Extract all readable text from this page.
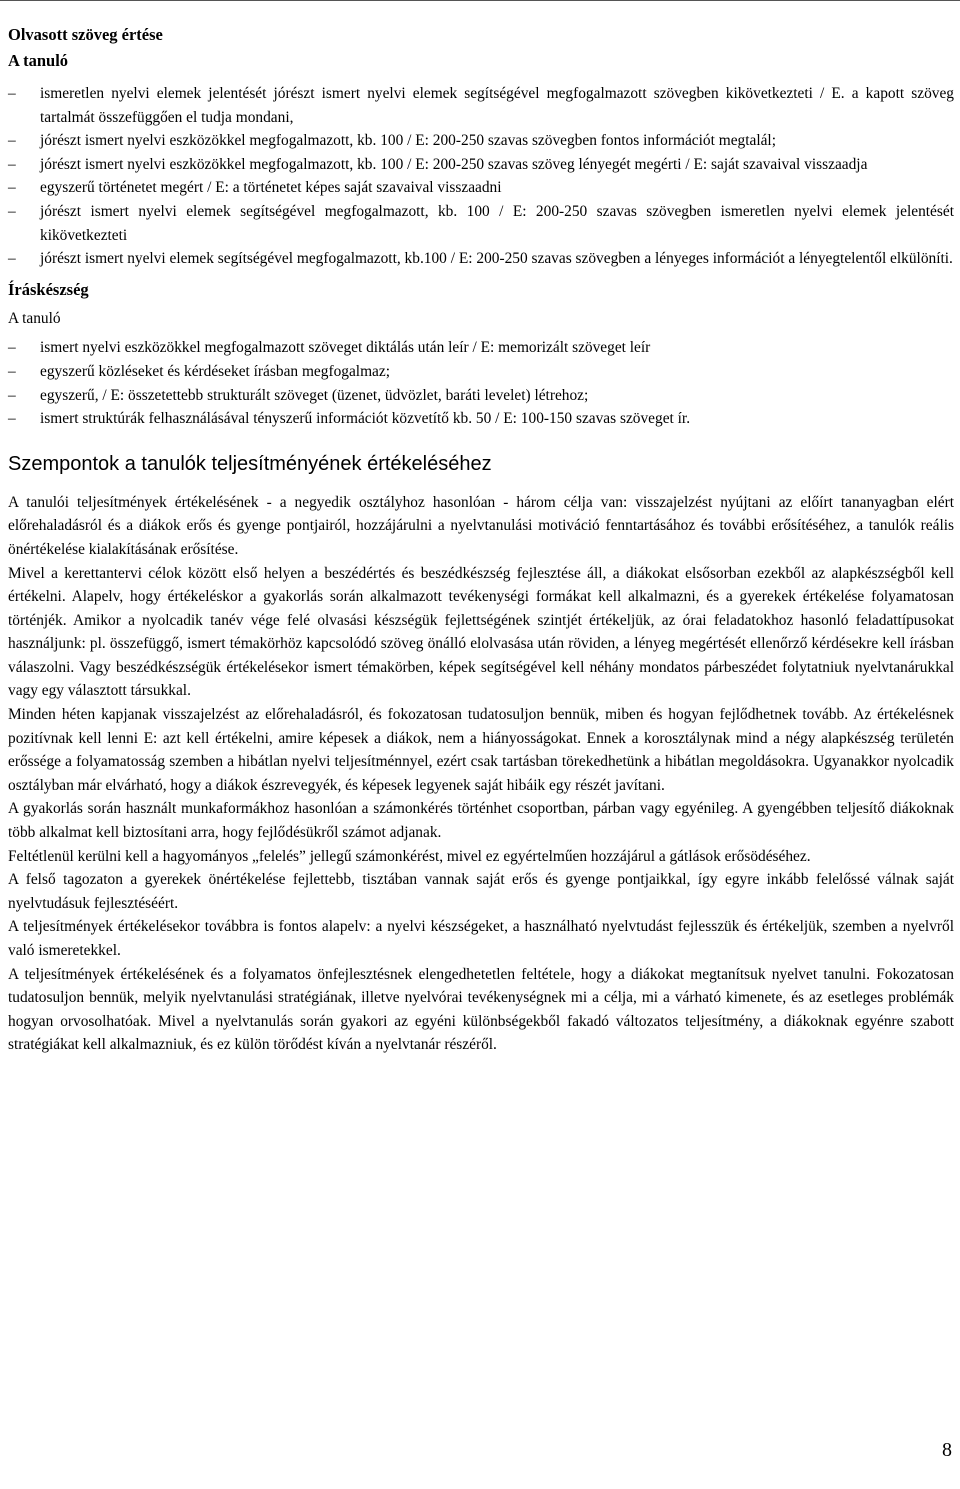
Olvasott szöveg értése

A tanuló

– ismeretlen nyelvi elemek jelentését jórészt ismert nyelvi elemek segítségével megfogalmazott szövegben kikövetkezteti / E. a kapott szöveg tartalmát összefüggően el tudja mondani,
– jórészt ismert nyelvi eszközökkel megfogalmazott, kb. 100 / E: 200-250 szavas szövegben fontos információt megtalál;
– jórészt ismert nyelvi eszközökkel megfogalmazott, kb. 100 / E: 200-250 szavas szöveg lényegét megérti / E: saját szavaival visszaadja
– egyszerű történetet megért / E: a történetet képes saját szavaival visszaadni
– jórészt ismert nyelvi elemek segítségével megfogalmazott, kb. 100 / E: 200-250 szavas szövegben ismeretlen nyelvi elemek jelentését kikövetkezteti
– jórészt ismert nyelvi elemek segítségével megfogalmazott, kb.100 / E: 200-250 szavas szövegben a lényeges információt a lényegtelentől elkülöníti.

Íráskészség

A tanuló

– ismert nyelvi eszközökkel megfogalmazott szöveget diktálás után leír / E: memorizált szöveget leír
– egyszerű közléseket és kérdéseket írásban megfogalmaz;
– egyszerű, / E: összetettebb strukturált szöveget (üzenet, üdvözlet, baráti levelet) létrehoz;
– ismert struktúrák felhasználásával tényszerű információt közvetítő kb. 50 / E: 100-150 szavas szöveget ír.
Szempontok a tanulók teljesítményének értékeléséhez

A tanulói teljesítmények értékelésének - a negyedik osztályhoz hasonlóan - három célja van: visszajelzést nyújtani az előírt tananyagban elért előrehaladásról és a diákok erős és gyenge pontjairól, hozzájárulni a nyelvtanulási motiváció fenntartásához és további erősítéséhez, a tanulók reális önértékelése kialakításának erősítése.

Mivel a kerettantervi célok között első helyen a beszédértés és beszédkészség fejlesztése áll, a diákokat elsősorban ezekből az alapkészségből kell értékelni. Alapelv, hogy értékeléskor a gyakorlás során alkalmazott tevékenységi formákat kell alkalmazni, és a gyerekek értékelése folyamatosan történjék. Amikor a nyolcadik tanév vége felé olvasási készségük fejlettségének szintjét értékeljük, az órai feladatokhoz hasonló feladattípusokat használjunk: pl. összefüggő, ismert témakörhöz kapcsolódó szöveg önálló elolvasása után röviden, a lényeg megértését ellenőrző kérdésekre kell írásban válaszolni. Vagy beszédkészségük értékelésekor ismert témakörben, képek segítségével kell néhány mondatos párbeszédet folytatniuk nyelvtanárukkal vagy egy választott társukkal.

Minden héten kapjanak visszajelzést az előrehaladásról, és fokozatosan tudatosuljon bennük, miben és hogyan fejlődhetnek tovább. Az értékelésnek pozitívnak kell lenni E: azt kell értékelni, amire képesek a diákok, nem a hiányosságokat. Ennek a korosztálynak mind a négy alapkészség területén erőssége a folyamatosság szemben a hibátlan nyelvi teljesítménnyel, ezért csak tartásban törekedhetünk a hibátlan megoldásokra. Ugyanakkor nyolcadik osztályban már elvárható, hogy a diákok észrevegyék, és képesek legyenek saját hibáik egy részét javítani.

A gyakorlás során használt munkaformákhoz hasonlóan a számonkérés történhet csoportban, párban vagy egyénileg. A gyengébben teljesítő diákoknak több alkalmat kell biztosítani arra, hogy fejlődésükről számot adjanak.

Feltétlenül kerülni kell a hagyományos „felelés” jellegű számonkérést, mivel ez egyértelműen hozzájárul a gátlások erősödéséhez.

A felső tagozaton a gyerekek önértékelése fejlettebb, tisztában vannak saját erős és gyenge pontjaikkal, így egyre inkább felelőssé válnak saját nyelvtudásuk fejlesztéséért.

A teljesítmények értékelésekor továbbra is fontos alapelv: a nyelvi készségeket, a használható nyelvtudást fejlesszük és értékeljük, szemben a nyelvről való ismeretekkel.

A teljesítmények értékelésének és a folyamatos önfejlesztésnek elengedhetetlen feltétele, hogy a diákokat megtanítsuk nyelvet tanulni. Fokozatosan tudatosuljon bennük, melyik nyelvtanulási stratégiának, illetve nyelvórai tevékenységnek mi a célja, mi a várható kimenete, és az esetleges problémák hogyan orvosolhatóak. Mivel a nyelvtanulás során gyakori az egyéni különbségekből fakadó változatos teljesítmény, a diákoknak egyénre szabott stratégiákat kell alkalmazniuk, és ez külön törődést kíván a nyelvtanár részéről.

8
